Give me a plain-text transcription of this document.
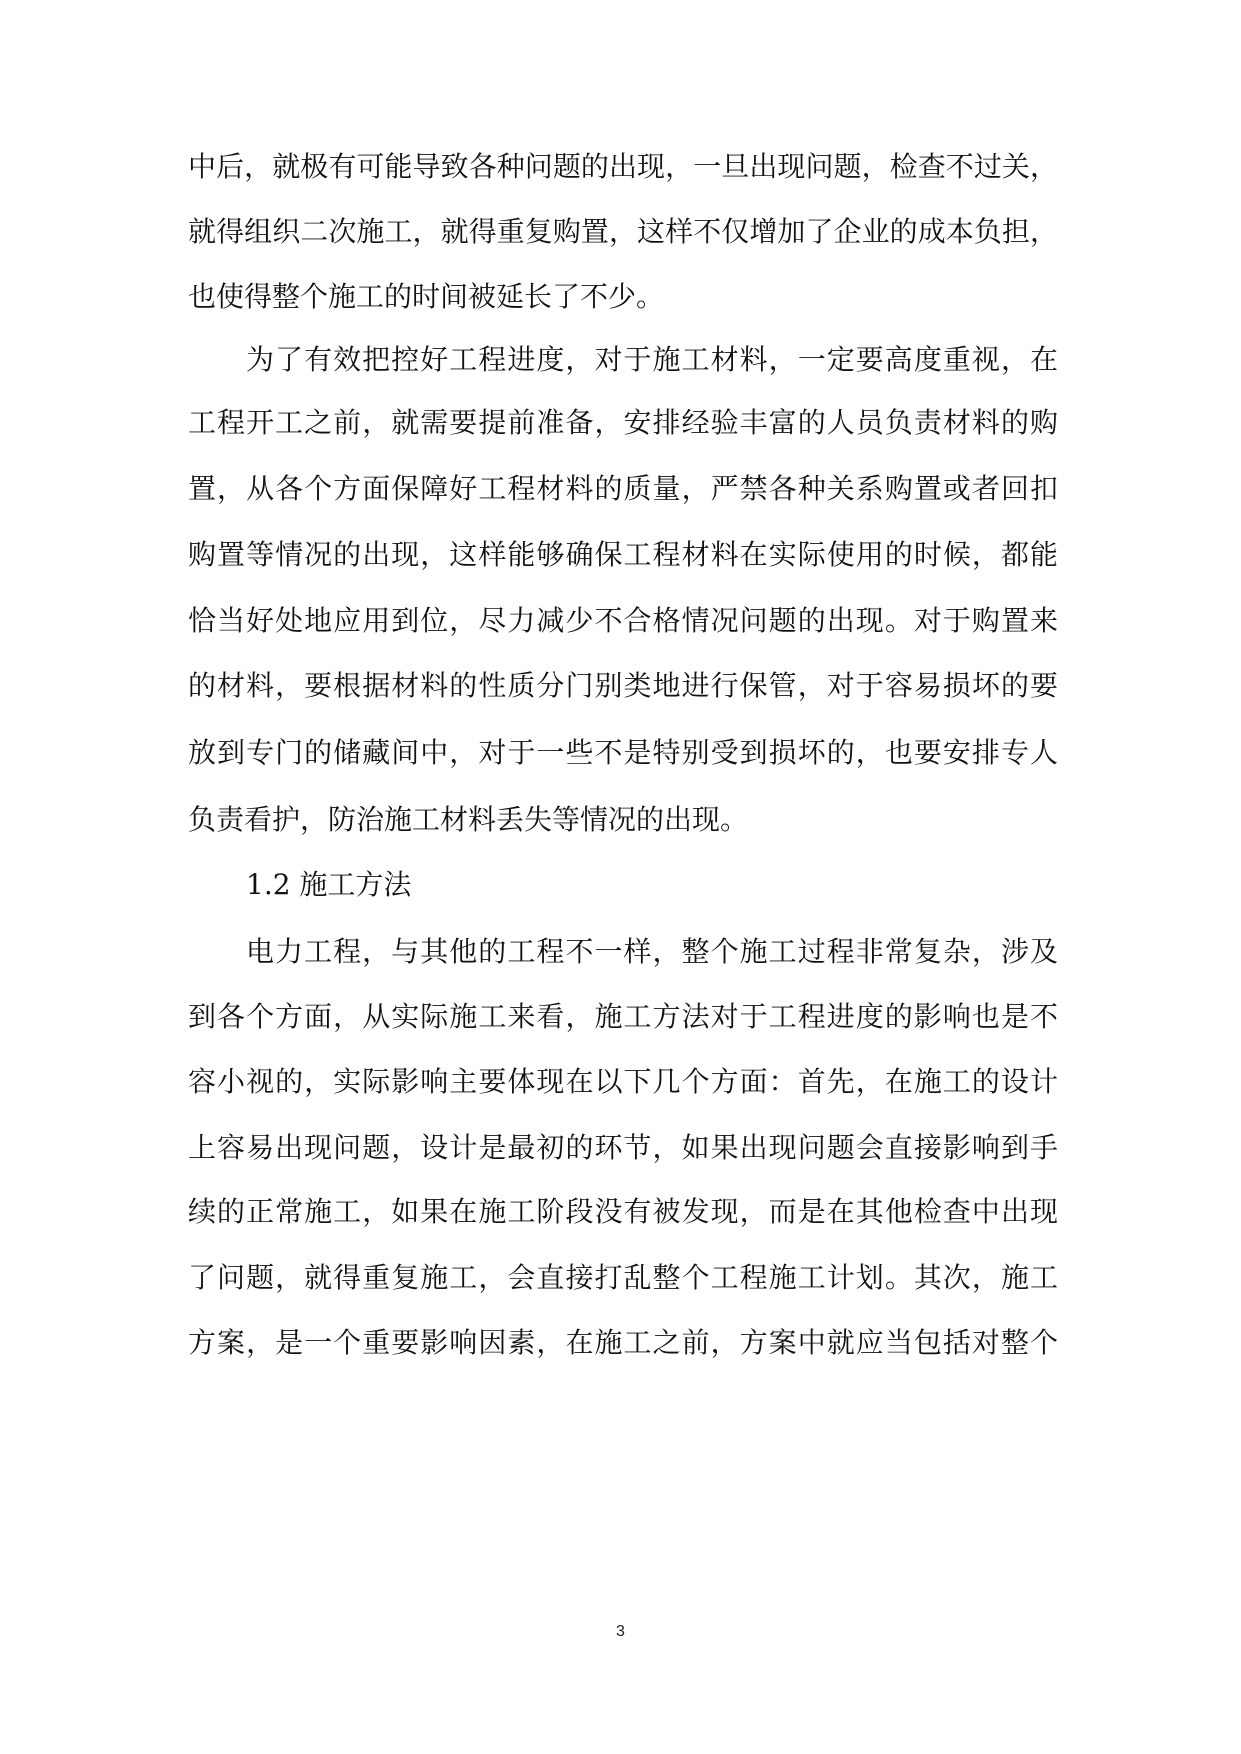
中后，就极有可能导致各种问题的出现，一旦出现问题，检查不过关，
就得组织二次施工，就得重复购置，这样不仅增加了企业的成本负担，
也使得整个施工的时间被延长了不少。
为了有效把控好工程进度，对于施工材料，一定要高度重视，在
工程开工之前，就需要提前准备，安排经验丰富的人员负责材料的购
置，从各个方面保障好工程材料的质量，严禁各种关系购置或者回扣
购置等情况的出现，这样能够确保工程材料在实际使用的时候，都能
恰当好处地应用到位，尽力减少不合格情况问题的出现。对于购置来
的材料，要根据材料的性质分门别类地进行保管，对于容易损坏的要
放到专门的储藏间中，对于一些不是特别受到损坏的，也要安排专人
负责看护，防治施工材料丢失等情况的出现。
1.2 施工方法
电力工程，与其他的工程不一样，整个施工过程非常复杂，涉及
到各个方面，从实际施工来看，施工方法对于工程进度的影响也是不
容小视的，实际影响主要体现在以下几个方面：首先，在施工的设计
上容易出现问题，设计是最初的环节，如果出现问题会直接影响到手
续的正常施工，如果在施工阶段没有被发现，而是在其他检查中出现
了问题，就得重复施工，会直接打乱整个工程施工计划。其次，施工
方案，是一个重要影响因素，在施工之前，方案中就应当包括对整个
3
